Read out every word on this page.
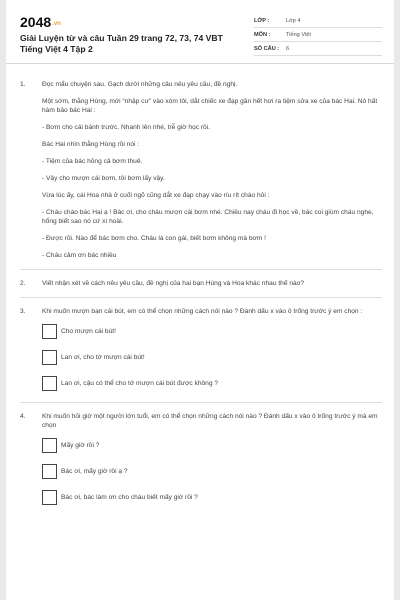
2048.vn
Giải Luyện từ và câu Tuần 29 trang 72, 73, 74 VBT Tiếng Việt 4 Tập 2
LỚP :	Lớp 4
MÔN :	Tiếng Việt
SỐ CÂU :	6
1.	Đọc mẩu chuyện sau. Gạch dưới những câu nêu yêu cầu, đề nghị.

Một sớm, thằng Hùng, mới “nhập cư” vào xóm tôi, dắt chiếc xe đạp gần hết hơi ra tiệm sửa xe của bác Hai. Nó hất hàm bảo bác Hai :

- Bơm cho cái bánh trước. Nhanh lên nhé, trễ giờ học rồi.

Bác Hai nhìn thằng Hùng rồi nói :

- Tiệm của bác hỏng cả bơm thuê.

- Vậy cho mượn cái bơm, tôi bơm lấy vậy.

Vừa lúc ấy, cái Hoa nhà ở cuối ngõ cũng dắt xe đạp chạy vào ríu rít chào hỏi :

- Cháu chào bác Hai ạ ! Bác ơi, cho cháu mượn cái bơm nhé. Chiều nay cháu đi học về, bác coi giùm cháu nghe, hổng biết sao nó cứ xì hoài.

- Được rồi. Nào để bác bơm cho. Cháu là con gái, biết bơm không mà bơm !

- Cháu cảm ơn bác nhiều

2.	Viết nhận xét về cách nêu yêu cầu, đề nghị của hai bạn Hùng và Hoa khác nhau thế nào?

3.	Khi muốn mượn bạn cái bút, em có thể chọn những cách nói nào ? Đánh dấu x vào ô trống trước ý em chọn :

Cho mượn cái bút!
Lan ơi, cho tớ mượn cái bút!
Lan ơi, cậu có thể cho tớ mượn cái bút được không ?
4.	Khi muốn hỏi giờ một người lớn tuổi, em có thể chọn những cách nói nào ? Đánh dấu x vào ô trống trước ý mà em chọn

Mấy giờ rồi ?
Bác ơi, mấy giờ rồi ạ ?
Bác ơi, bác làm ơn cho cháu biết mấy giờ rồi ?
